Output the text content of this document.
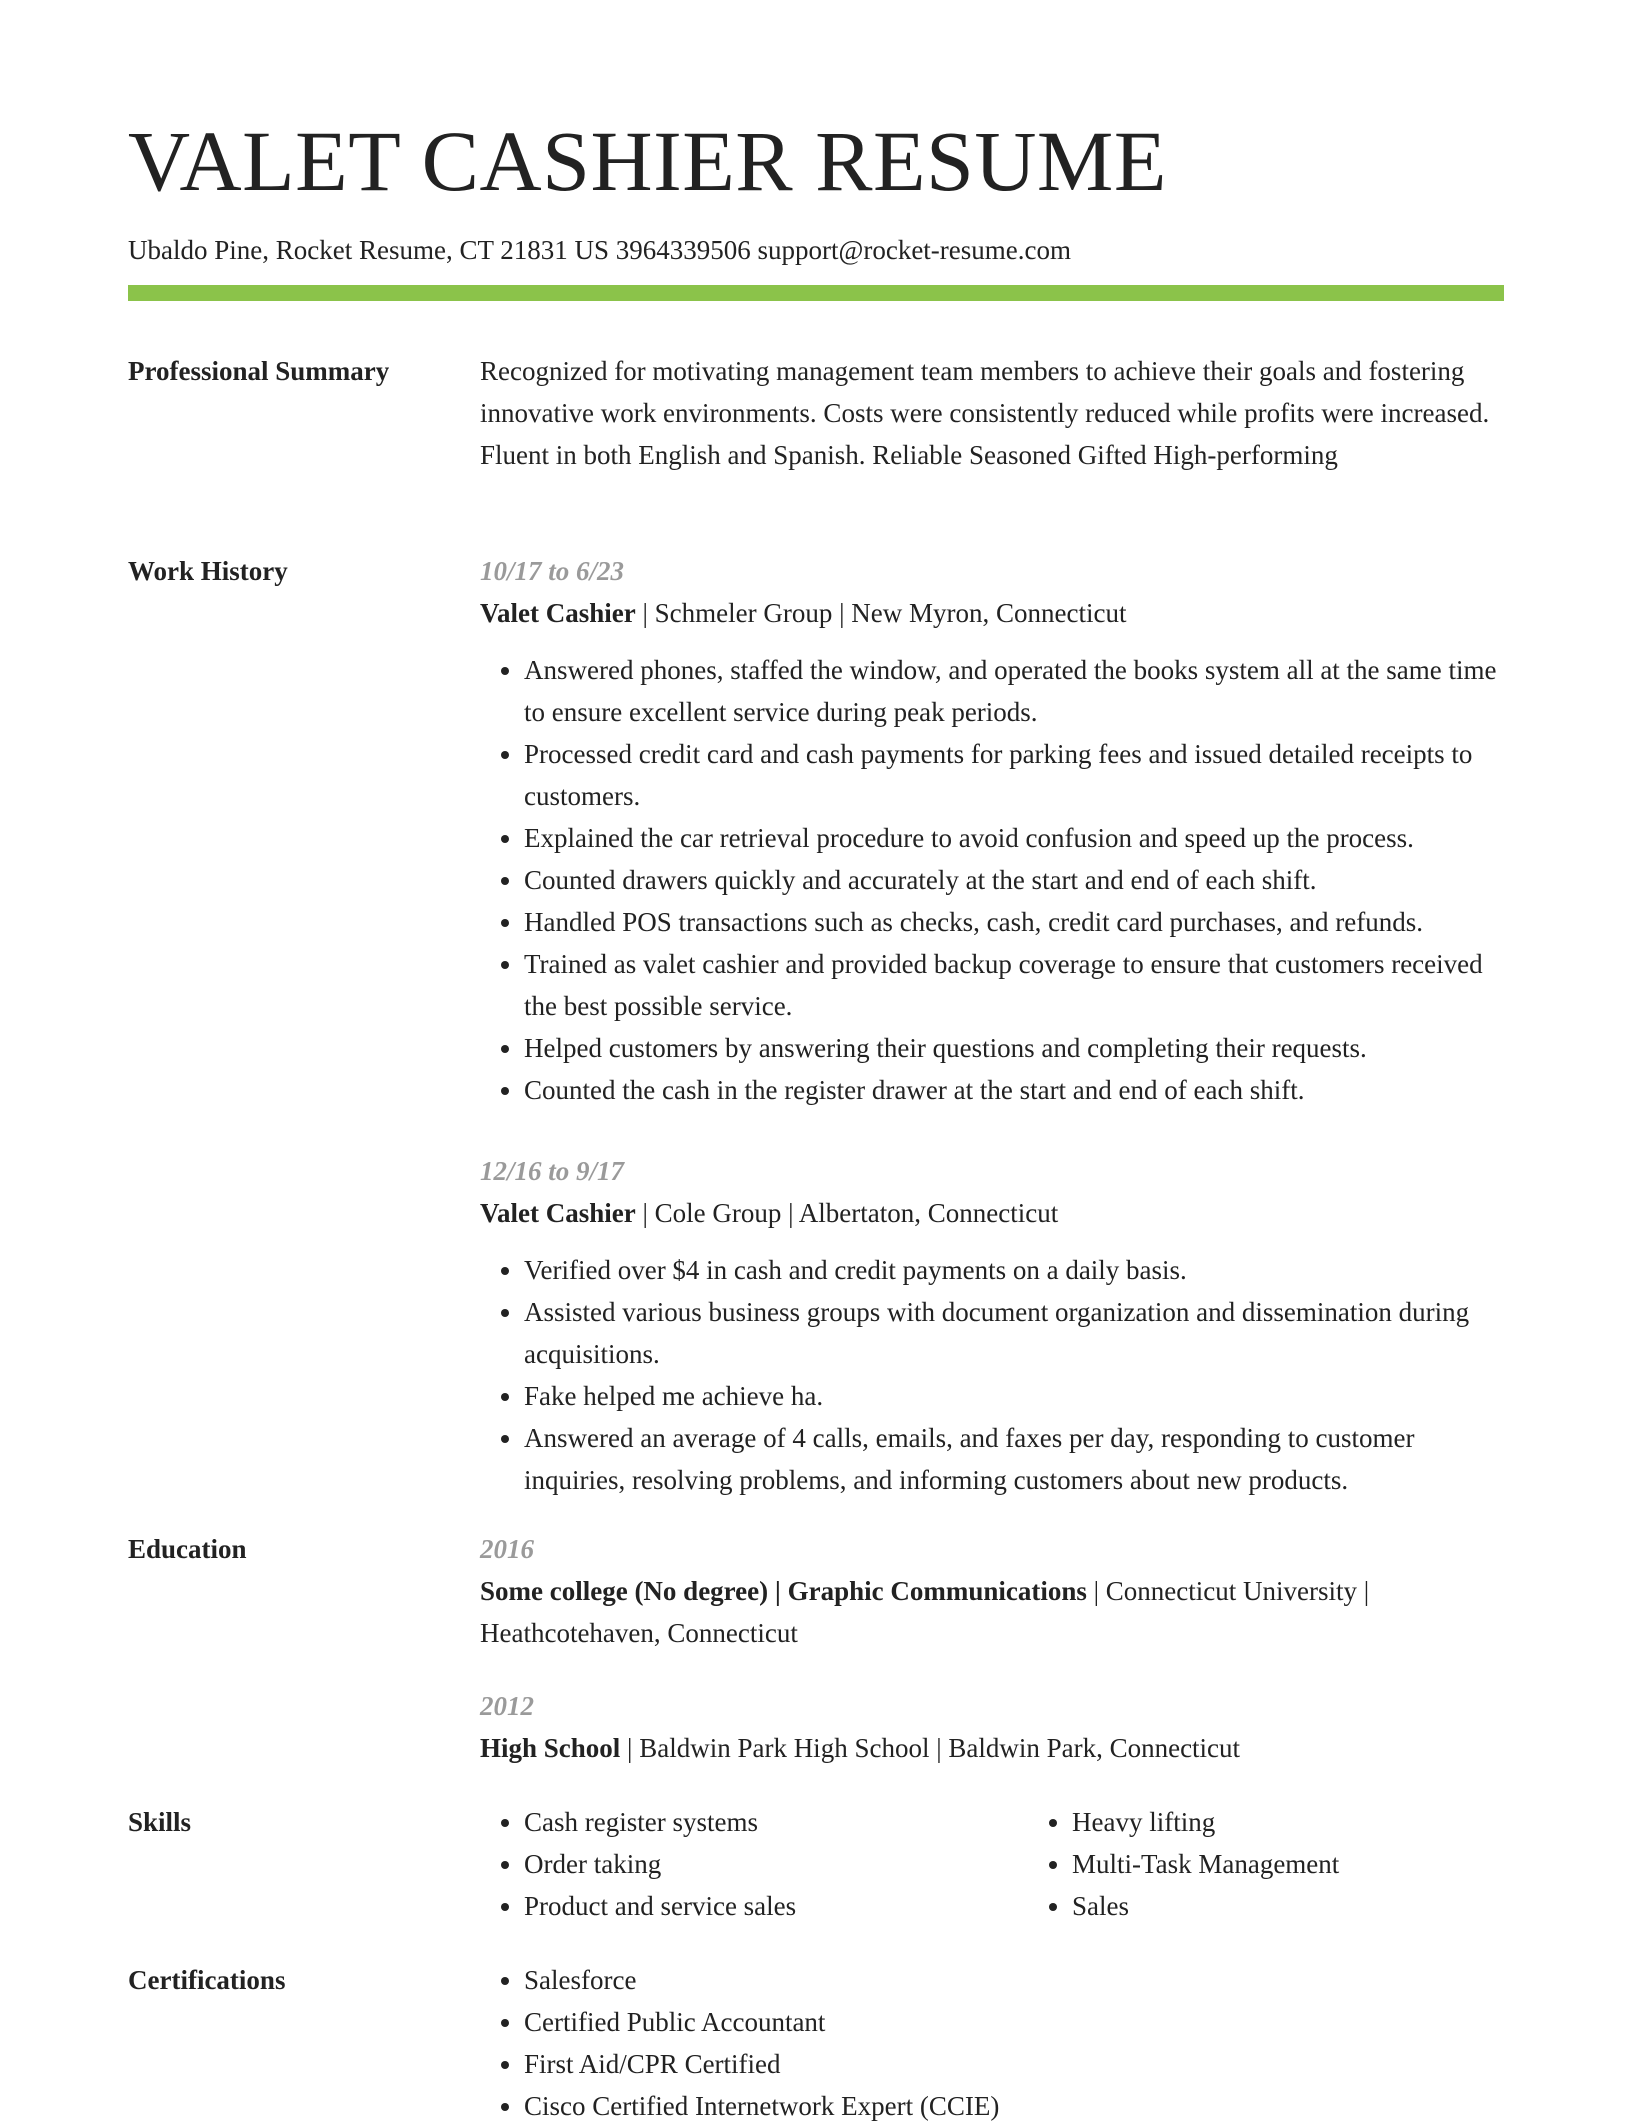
VALET CASHIER RESUME
Ubaldo Pine, Rocket Resume, CT 21831 US 3964339506 support@rocket-resume.com
Professional Summary	Recognized for motivating management team members to achieve their goals and fostering innovative work environments. Costs were consistently reduced while profits were increased. Fluent in both English and Spanish. Reliable Seasoned Gifted High-performing

Work History	10/17 to 6/23
Valet Cashier | Schmeler Group | New Myron, Connecticut
• Answered phones, staffed the window, and operated the books system all at the same time to ensure excellent service during peak periods.
• Processed credit card and cash payments for parking fees and issued detailed receipts to customers.
• Explained the car retrieval procedure to avoid confusion and speed up the process.
• Counted drawers quickly and accurately at the start and end of each shift.
• Handled POS transactions such as checks, cash, credit card purchases, and refunds.
• Trained as valet cashier and provided backup coverage to ensure that customers received the best possible service.
• Helped customers by answering their questions and completing their requests.
• Counted the cash in the register drawer at the start and end of each shift.
12/16 to 9/17
Valet Cashier | Cole Group | Albertaton, Connecticut
• Verified over $4 in cash and credit payments on a daily basis.
• Assisted various business groups with document organization and dissemination during acquisitions.
• Fake helped me achieve ha.
• Answered an average of 4 calls, emails, and faxes per day, responding to customer inquiries, resolving problems, and informing customers about new products.
Education	2016
Some college (No degree) | Graphic Communications | Connecticut University | Heathcotehaven, Connecticut
2012
High School | Baldwin Park High School | Baldwin Park, Connecticut
Skills	• Cash register systems
• Order taking
• Product and service sales
• Heavy lifting
• Multi-Task Management
• Sales
Certifications	• Salesforce
• Certified Public Accountant
• First Aid/CPR Certified
• Cisco Certified Internetwork Expert (CCIE)
